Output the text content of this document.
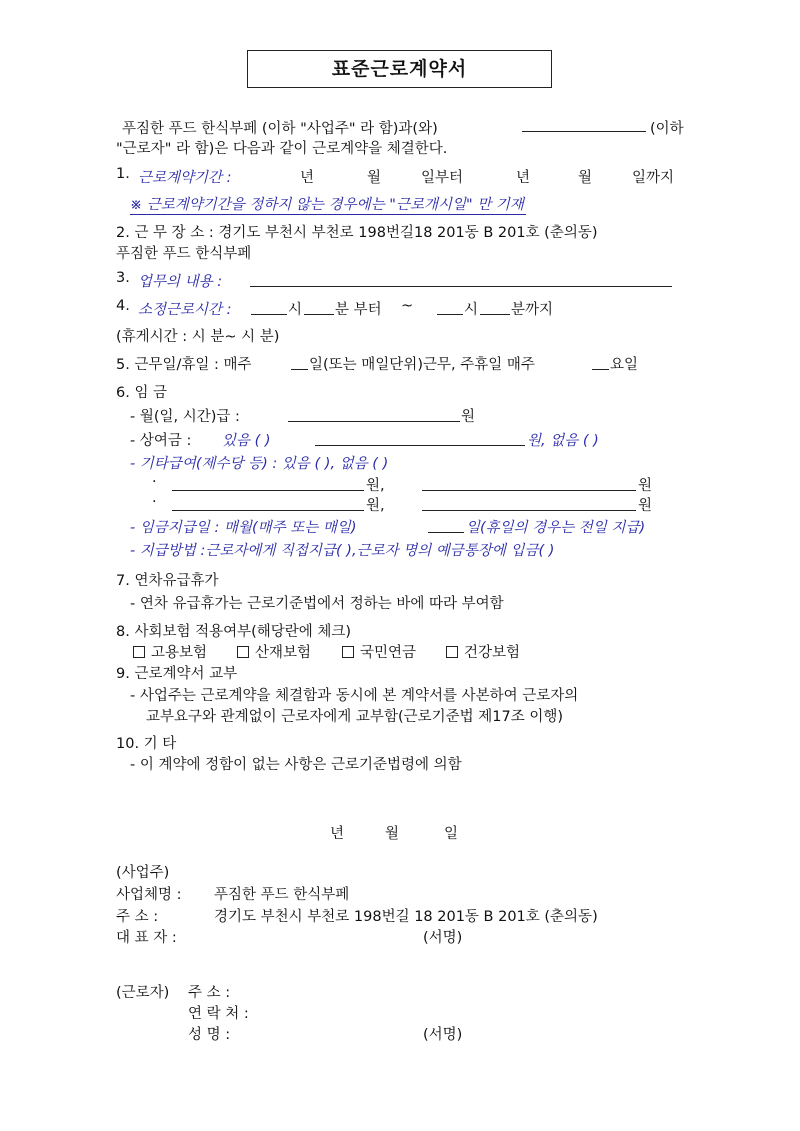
표준근로계약서
푸짐한 푸드 한식부페 (이하 "사업주" 라 함)과(와)	(이하
"근로자" 라 함)은 다음과 같이 근로계약을 체결한다.
1. 근로계약기간 :	년	월	일부터	년	월	일까지
※ 근로계약기간을 정하지 않는 경우에는 "근로개시일" 만 기재
2. 근 무 장 소 : 경기도 부천시 부천로 198번길18 201동 B 201호 (춘의동)
푸짐한 푸드 한식부페
3. 업무의 내용 :
4. 소정근로시간 :	시 분 부터 ~	시 분까지
(휴게시간 : 시 분~ 시 분)
5. 근무일/휴일 : 매주	일(또는 매일단위)근무, 주휴일 매주	요일
6. 임 금
- 월(일, 시간)급 :	원
- 상여금 : 있음 ( )	원, 없음 ( )
- 기타급여(제수당 등) : 있음 ( ), 없음 ( )
·	원,	원
·	원,	원
- 임금지급일 : 매월(매주 또는 매일)	일(휴일의 경우는 전일 지급)
- 지급방법 :근로자에게 직접지급( ),근로자 명의 예금통장에 입금( )
7. 연차유급휴가
- 연차 유급휴가는 근로기준법에서 정하는 바에 따라 부여함
8. 사회보험 적용여부(해당란에 체크)
고용보험	산재보험	국민연금	건강보험
9. 근로계약서 교부
- 사업주는 근로계약을 체결함과 동시에 본 계약서를 사본하여 근로자의
교부요구와 관계없이 근로자에게 교부함(근로기준법 제17조 이행)
10. 기 타
- 이 계약에 정함이 없는 사항은 근로기준법령에 의함
년	월	일
(사업주)
사업체명 : 푸짐한 푸드 한식부페
주 소 :	경기도 부천시 부천로 198번길 18 201동 B 201호 (춘의동)
대 표 자 :	(서명)
(근로자) 주 소 :
연 락 처 :
성 명 :	(서명)
